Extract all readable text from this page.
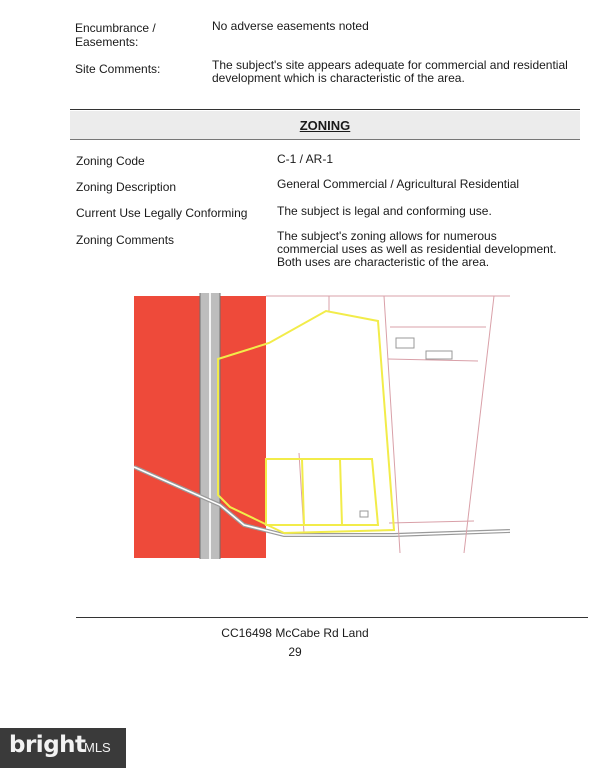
Encumbrance /
Easements:
No adverse easements noted
Site Comments:	The subject's site appears adequate for commercial and residential
development which is characteristic of the area.
ZONING
Zoning Code	C-1 / AR-1
Zoning Description	General Commercial / Agricultural Residential
Current Use Legally Conforming The subject is legal and conforming use.
Zoning Comments	The subject's zoning allows for numerous
commercial uses as well as residential development.
Both uses are characteristic of the area.
CC16498 McCabe Rd Land
29
bright
MLS
